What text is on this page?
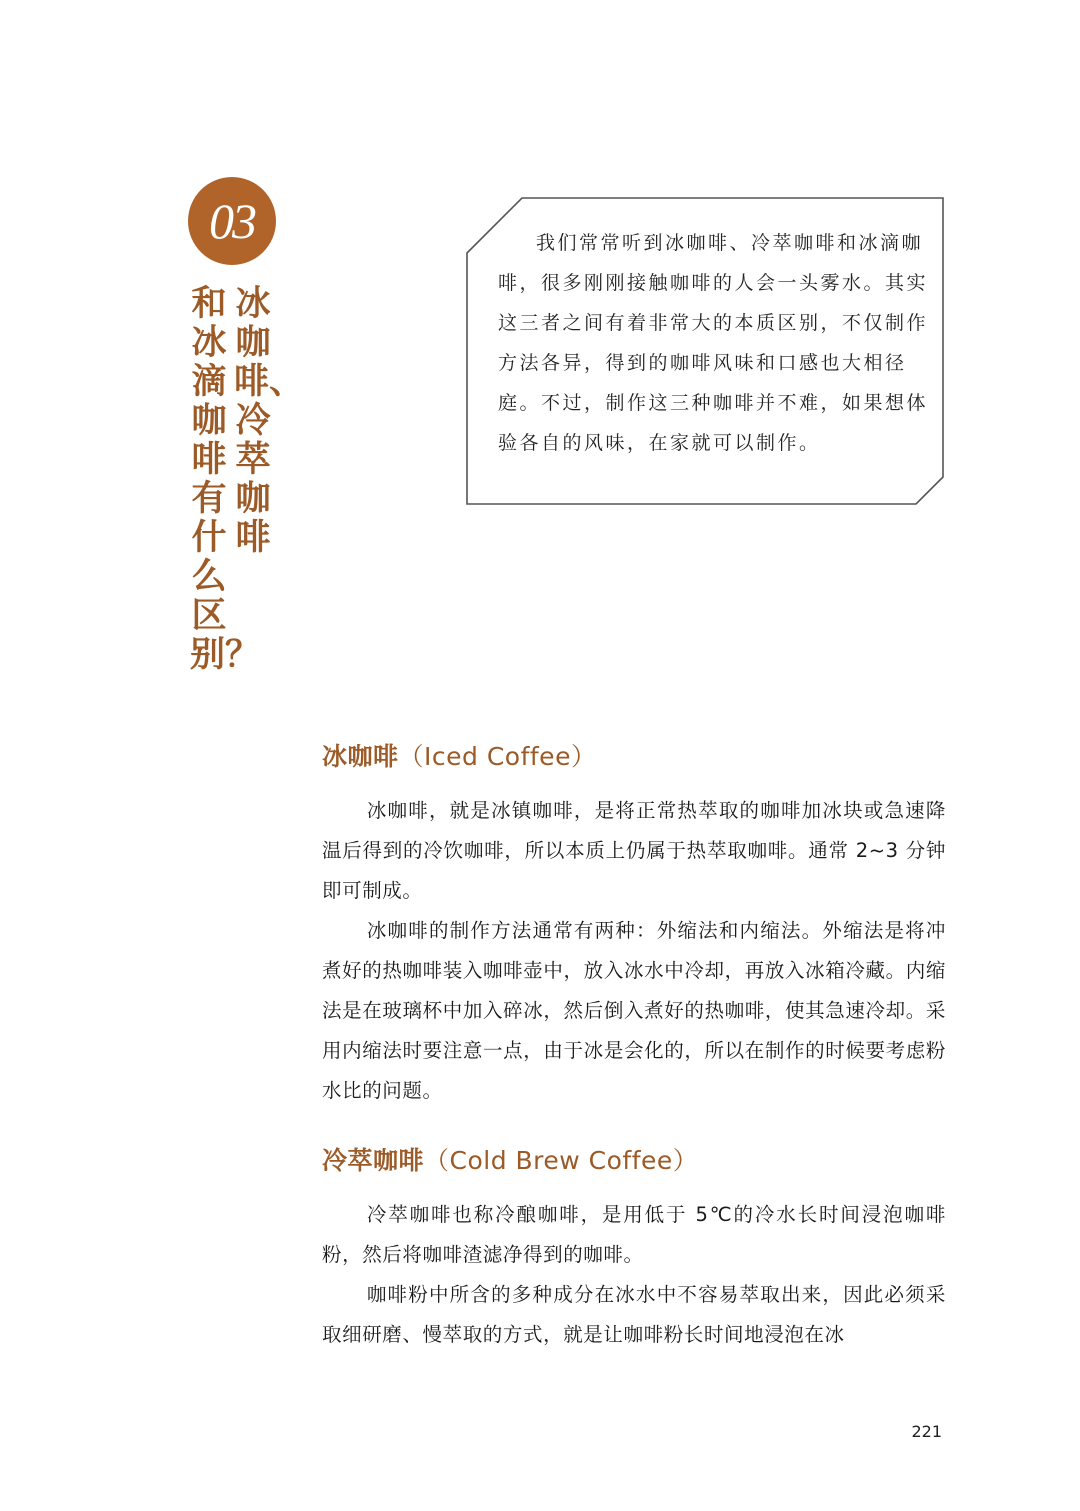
03
冰咖啡、冷萃咖啡
和冰滴咖啡有什么区别？

我们常常听到冰咖啡、冷萃咖啡和冰滴咖啡，很多刚刚接触咖啡的人会一头雾水。其实这三者之间有着非常大的本质区别，不仅制作方法各异，得到的咖啡风味和口感也大相径庭。不过，制作这三种咖啡并不难，如果想体验各自的风味，在家就可以制作。

冰咖啡（Iced Coffee）

冰咖啡，就是冰镇咖啡，是将正常热萃取的咖啡加冰块或急速降温后得到的冷饮咖啡，所以本质上仍属于热萃取咖啡。通常 2~3 分钟即可制成。

冰咖啡的制作方法通常有两种：外缩法和内缩法。外缩法是将冲煮好的热咖啡装入咖啡壶中，放入冰水中冷却，再放入冰箱冷藏。内缩法是在玻璃杯中加入碎冰，然后倒入煮好的热咖啡，使其急速冷却。采用内缩法时要注意一点，由于冰是会化的，所以在制作的时候要考虑粉水比的问题。

冷萃咖啡（Cold Brew Coffee）

冷萃咖啡也称冷酿咖啡，是用低于 5℃的冷水长时间浸泡咖啡粉，然后将咖啡渣滤净得到的咖啡。

咖啡粉中所含的多种成分在冰水中不容易萃取出来，因此必须采取细研磨、慢萃取的方式，就是让咖啡粉长时间地浸泡在冰

221
